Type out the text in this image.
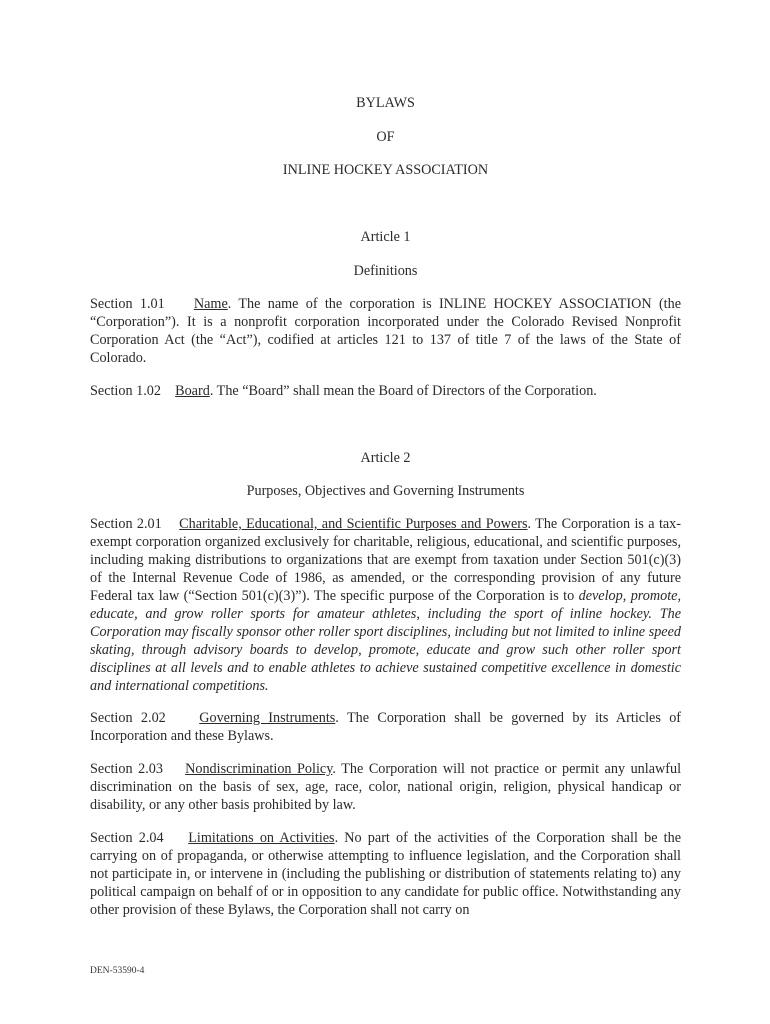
BYLAWS
OF
INLINE HOCKEY ASSOCIATION
Article 1
Definitions
Section 1.01 Name. The name of the corporation is INLINE HOCKEY ASSOCIATION (the “Corporation”). It is a nonprofit corporation incorporated under the Colorado Revised Nonprofit Corporation Act (the “Act”), codified at articles 121 to 137 of title 7 of the laws of the State of Colorado.
Section 1.02 Board. The “Board” shall mean the Board of Directors of the Corporation.
Article 2
Purposes, Objectives and Governing Instruments
Section 2.01 Charitable, Educational, and Scientific Purposes and Powers. The Corporation is a tax-exempt corporation organized exclusively for charitable, religious, educational, and scientific purposes, including making distributions to organizations that are exempt from taxation under Section 501(c)(3) of the Internal Revenue Code of 1986, as amended, or the corresponding provision of any future Federal tax law (“Section 501(c)(3)”). The specific purpose of the Corporation is to develop, promote, educate, and grow roller sports for amateur athletes, including the sport of inline hockey. The Corporation may fiscally sponsor other roller sport disciplines, including but not limited to inline speed skating, through advisory boards to develop, promote, educate and grow such other roller sport disciplines at all levels and to enable athletes to achieve sustained competitive excellence in domestic and international competitions.
Section 2.02 Governing Instruments. The Corporation shall be governed by its Articles of Incorporation and these Bylaws.
Section 2.03 Nondiscrimination Policy. The Corporation will not practice or permit any unlawful discrimination on the basis of sex, age, race, color, national origin, religion, physical handicap or disability, or any other basis prohibited by law.
Section 2.04 Limitations on Activities. No part of the activities of the Corporation shall be the carrying on of propaganda, or otherwise attempting to influence legislation, and the Corporation shall not participate in, or intervene in (including the publishing or distribution of statements relating to) any political campaign on behalf of or in opposition to any candidate for public office. Notwithstanding any other provision of these Bylaws, the Corporation shall not carry on
DEN-53590-4
